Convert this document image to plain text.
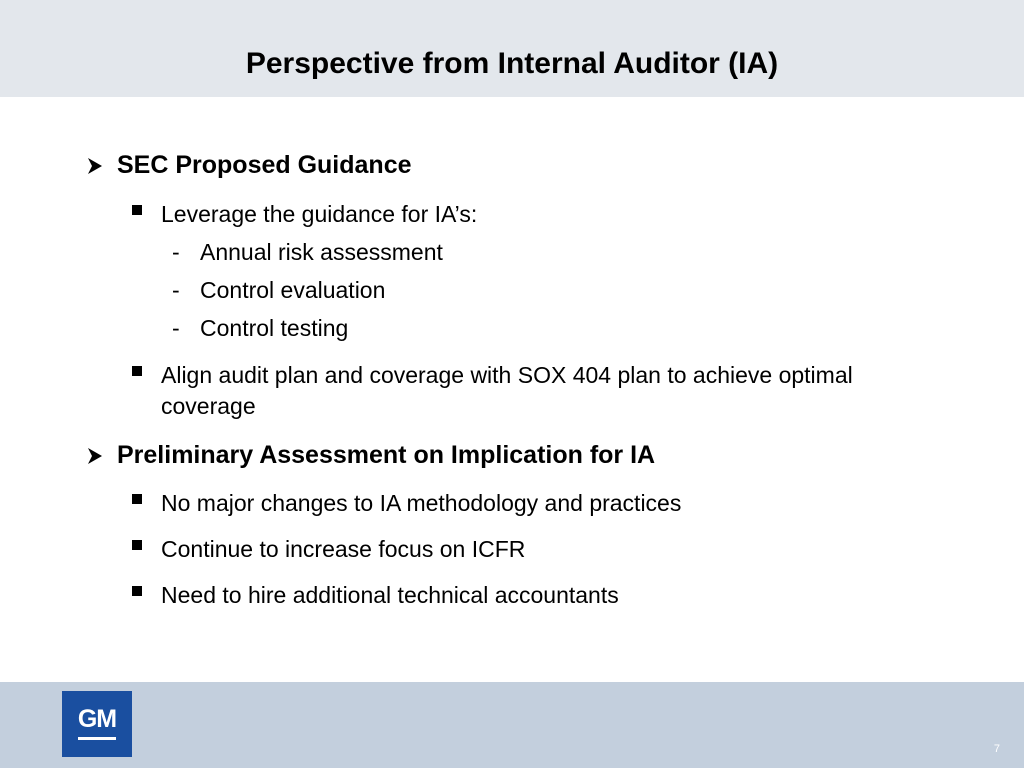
Perspective from Internal Auditor (IA)
SEC Proposed Guidance
Leverage the guidance for IA’s:
- Annual risk assessment
- Control evaluation
- Control testing
Align audit plan and coverage with SOX 404 plan to achieve optimal
coverage
Preliminary Assessment on Implication for IA
No major changes to IA methodology and practices
Continue to increase focus on ICFR
Need to hire additional technical accountants
GM
7
